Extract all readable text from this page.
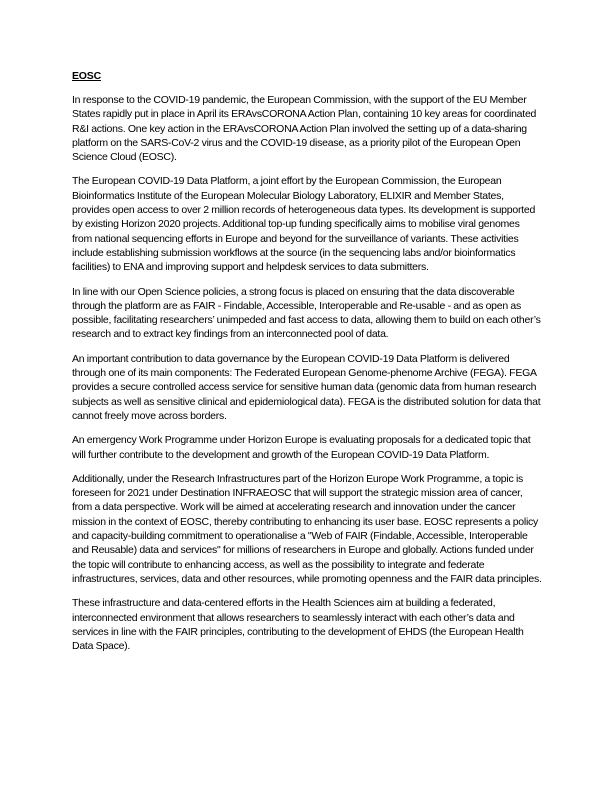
EOSC

In response to the COVID-19 pandemic, the European Commission, with the support of the EU Member States rapidly put in place in April its ERAvsCORONA Action Plan, containing 10 key areas for coordinated R&I actions. One key action in the ERAvsCORONA Action Plan involved the setting up of a data-sharing platform on the SARS-CoV-2 virus and the COVID-19 disease, as a priority pilot of the European Open Science Cloud (EOSC).

The European COVID-19 Data Platform, a joint effort by the European Commission, the European Bioinformatics Institute of the European Molecular Biology Laboratory, ELIXIR and Member States, provides open access to over 2 million records of heterogeneous data types. Its development is supported by existing Horizon 2020 projects. Additional top-up funding specifically aims to mobilise viral genomes from national sequencing efforts in Europe and beyond for the surveillance of variants. These activities include establishing submission workflows at the source (in the sequencing labs and/or bioinformatics facilities) to ENA and improving support and helpdesk services to data submitters.

In line with our Open Science policies, a strong focus is placed on ensuring that the data discoverable through the platform are as FAIR - Findable, Accessible, Interoperable and Re-usable - and as open as possible, facilitating researchers’ unimpeded and fast access to data, allowing them to build on each other’s research and to extract key findings from an interconnected pool of data.

An important contribution to data governance by the European COVID-19 Data Platform is delivered through one of its main components: The Federated European Genome-phenome Archive (FEGA). FEGA provides a secure controlled access service for sensitive human data (genomic data from human research subjects as well as sensitive clinical and epidemiological data). FEGA is the distributed solution for data that cannot freely move across borders.

An emergency Work Programme under Horizon Europe is evaluating proposals for a dedicated topic that will further contribute to the development and growth of the European COVID-19 Data Platform.

Additionally, under the Research Infrastructures part of the Horizon Europe Work Programme, a topic is foreseen for 2021 under Destination INFRAEOSC that will support the strategic mission area of cancer, from a data perspective. Work will be aimed at accelerating research and innovation under the cancer mission in the context of EOSC, thereby contributing to enhancing its user base. EOSC represents a policy and capacity-building commitment to operationalise a "Web of FAIR (Findable, Accessible, Interoperable and Reusable) data and services" for millions of researchers in Europe and globally. Actions funded under the topic will contribute to enhancing access, as well as the possibility to integrate and federate infrastructures, services, data and other resources, while promoting openness and the FAIR data principles.

These infrastructure and data-centered efforts in the Health Sciences aim at building a federated, interconnected environment that allows researchers to seamlessly interact with each other’s data and services in line with the FAIR principles, contributing to the development of EHDS (the European Health Data Space).
